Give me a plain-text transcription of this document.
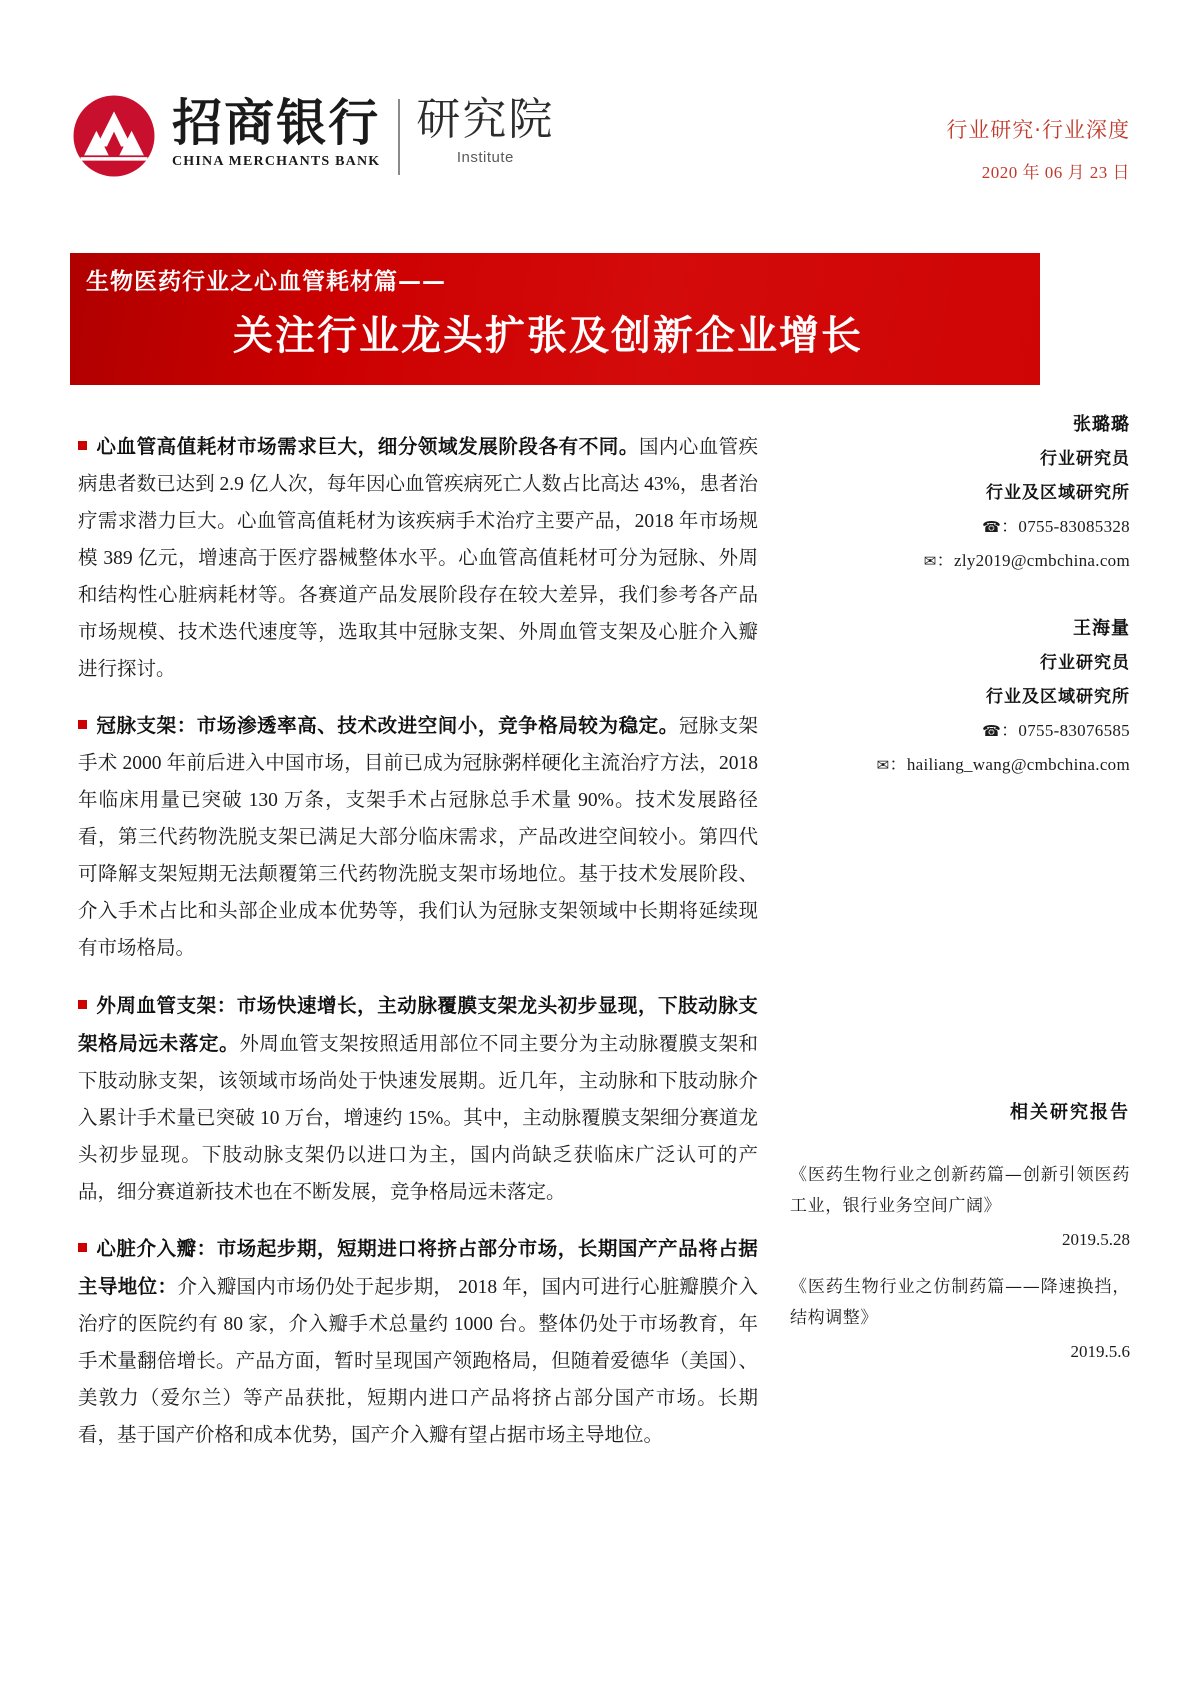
招商银行
CHINA MERCHANTS BANK
研究院
Institute
行业研究·行业深度
2020 年 06 月 23 日
生物医药行业之心血管耗材篇——
关注行业龙头扩张及创新企业增长

心血管高值耗材市场需求巨大，细分领域发展阶段各有不同。国内心血管疾病患者数已达到 2.9 亿人次，每年因心血管疾病死亡人数占比高达 43%，患者治疗需求潜力巨大。心血管高值耗材为该疾病手术治疗主要产品，2018 年市场规模 389 亿元，增速高于医疗器械整体水平。心血管高值耗材可分为冠脉、外周和结构性心脏病耗材等。各赛道产品发展阶段存在较大差异，我们参考各产品市场规模、技术迭代速度等，选取其中冠脉支架、外周血管支架及心脏介入瓣进行探讨。

冠脉支架：市场渗透率高、技术改进空间小，竞争格局较为稳定。冠脉支架手术 2000 年前后进入中国市场，目前已成为冠脉粥样硬化主流治疗方法，2018 年临床用量已突破 130 万条，支架手术占冠脉总手术量 90%。技术发展路径看，第三代药物洗脱支架已满足大部分临床需求，产品改进空间较小。第四代可降解支架短期无法颠覆第三代药物洗脱支架市场地位。基于技术发展阶段、介入手术占比和头部企业成本优势等，我们认为冠脉支架领域中长期将延续现有市场格局。

外周血管支架：市场快速增长，主动脉覆膜支架龙头初步显现，下肢动脉支架格局远未落定。外周血管支架按照适用部位不同主要分为主动脉覆膜支架和下肢动脉支架，该领域市场尚处于快速发展期。近几年，主动脉和下肢动脉介入累计手术量已突破 10 万台，增速约 15%。其中，主动脉覆膜支架细分赛道龙头初步显现。下肢动脉支架仍以进口为主，国内尚缺乏获临床广泛认可的产品，细分赛道新技术也在不断发展，竞争格局远未落定。

心脏介入瓣：市场起步期，短期进口将挤占部分市场，长期国产产品将占据主导地位：介入瓣国内市场仍处于起步期， 2018 年，国内可进行心脏瓣膜介入治疗的医院约有 80 家，介入瓣手术总量约 1000 台。整体仍处于市场教育，年手术量翻倍增长。产品方面，暂时呈现国产领跑格局，但随着爱德华（美国）、美敦力（爱尔兰）等产品获批，短期内进口产品将挤占部分国产市场。长期看，基于国产价格和成本优势，国产介入瓣有望占据市场主导地位。

张璐璐
行业研究员
行业及区域研究所
☎：0755-83085328
✉：zly2019@cmbchina.com
王海量
行业研究员
行业及区域研究所
☎：0755-83076585
✉：hailiang_wang@cmbchina.com
相关研究报告
《医药生物行业之创新药篇—创新引领医药工业，银行业务空间广阔》
2019.5.28
《医药生物行业之仿制药篇——降速换挡，结构调整》
2019.5.6
